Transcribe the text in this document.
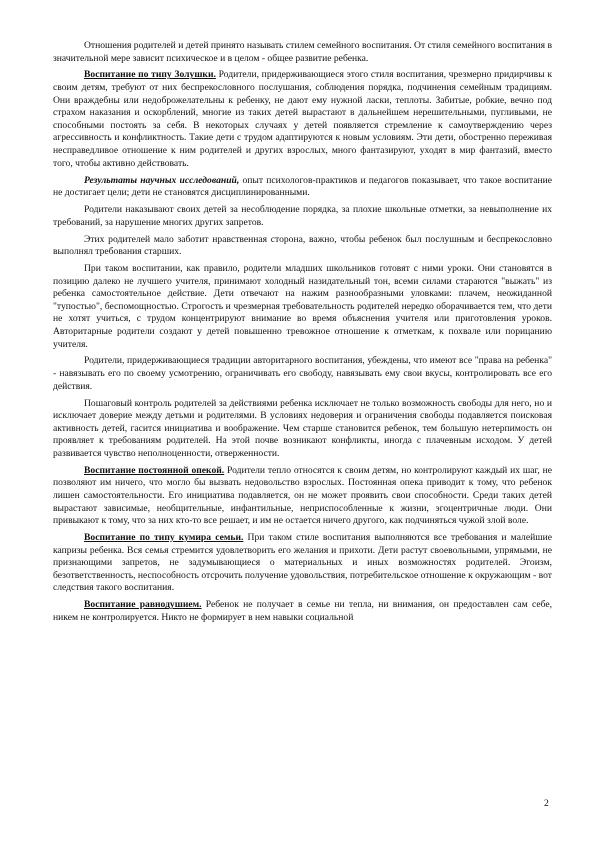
Отношения родителей и детей принято называть стилем семейного воспитания. От стиля семейного воспитания в значительной мере зависит психическое и в целом - общее развитие ребенка.

Воспитание по типу Золушки. Родители, придерживающиеся этого стиля воспитания, чрезмерно придирчивы к своим детям, требуют от них беспрекословного послушания, соблюдения порядка, подчинения семейным традициям. Они враждебны или недоброжелательны к ребенку, не дают ему нужной ласки, теплоты. Забитые, робкие, вечно под страхом наказания и оскорблений, многие из таких детей вырастают в дальнейшем нерешительными, пугливыми, не способными постоять за себя. В некоторых случаях у детей появляется стремление к самоутверждению через агрессивность и конфликтность. Такие дети с трудом адаптируются к новым условиям. Эти дети, обостренно переживая несправедливое отношение к ним родителей и других взрослых, много фантазируют, уходят в мир фантазий, вместо того, чтобы активно действовать.

Результаты научных исследований, опыт психологов-практиков и педагогов показывает, что такое воспитание не достигает цели; дети не становятся дисциплинированными.

Родители наказывают своих детей за несоблюдение порядка, за плохие школьные отметки, за невыполнение их требований, за нарушение многих других запретов.

Этих родителей мало заботит нравственная сторона, важно, чтобы ребенок был послушным и беспрекословно выполнял требования старших.

При таком воспитании, как правило, родители младших школьников готовят с ними уроки. Они становятся в позицию далеко не лучшего учителя, принимают холодный назидательный тон, всеми силами стараются "выжать" из ребенка самостоятельное действие. Дети отвечают на нажим разнообразными уловками: плачем, неожиданной "тупостью", беспомощностью. Строгость и чрезмерная требовательность родителей нередко оборачивается тем, что дети не хотят учиться, с трудом концентрируют внимание во время объяснения учителя или приготовления уроков. Авторитарные родители создают у детей повышенно тревожное отношение к отметкам, к похвале или порицанию учителя.

Родители, придерживающиеся традиции авторитарного воспитания, убеждены, что имеют все "права на ребенка" - навязывать его по своему усмотрению, ограничивать его свободу, навязывать ему свои вкусы, контролировать все его действия.

Пошаговый контроль родителей за действиями ребенка исключает не только возможность свободы для него, но и исключает доверие между детьми и родителями. В условиях недоверия и ограничения свободы подавляется поисковая активность детей, гасится инициатива и воображение. Чем старше становится ребенок, тем большую нетерпимость он проявляет к требованиям родителей. На этой почве возникают конфликты, иногда с плачевным исходом. У детей развивается чувство неполноценности, отверженности.

Воспитание постоянной опекой. Родители тепло относятся к своим детям, но контролируют каждый их шаг, не позволяют им ничего, что могло бы вызвать недовольство взрослых. Постоянная опека приводит к тому, что ребенок лишен самостоятельности. Его инициатива подавляется, он не может проявить свои способности. Среди таких детей вырастают зависимые, необщительные, инфантильные, неприспособленные к жизни, эгоцентричные люди. Они привыкают к тому, что за них кто-то все решает, и им не остается ничего другого, как подчиняться чужой злой воле.

Воспитание по типу кумира семьи. При таком стиле воспитания выполняются все требования и малейшие капризы ребенка. Вся семья стремится удовлетворить его желания и прихоти. Дети растут своевольными, упрямыми, не признающими запретов, не задумывающиеся о материальных и иных возможностях родителей. Эгоизм, безответственность, неспособность отсрочить получение удовольствия, потребительское отношение к окружающим - вот следствия такого воспитания.

Воспитание равнодушием. Ребенок не получает в семье ни тепла, ни внимания, он предоставлен сам себе, никем не контролируется. Никто не формирует в нем навыки социальной

2
